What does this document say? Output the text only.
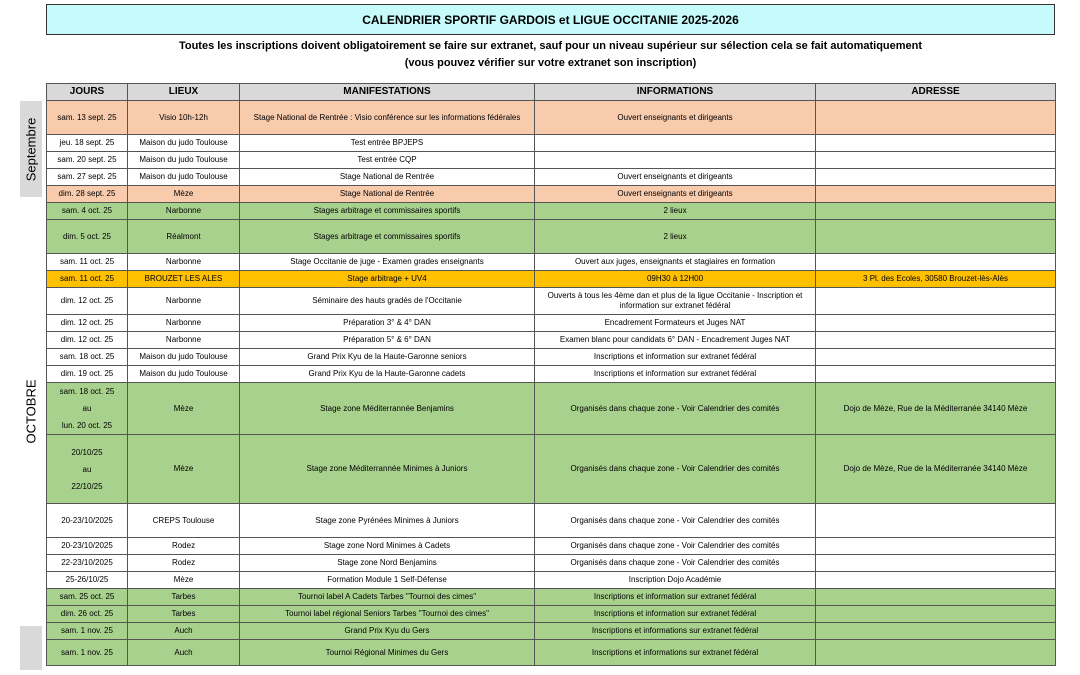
CALENDRIER SPORTIF GARDOIS et LIGUE OCCITANIE 2025-2026
Toutes les inscriptions doivent obligatoirement se faire sur extranet, sauf pour un niveau supérieur sur sélection cela se fait automatiquement
(vous pouvez vérifier sur votre extranet son inscription)
Septembre
OCTOBRE
JOURS	LIEUX	MANIFESTATIONS	INFORMATIONS	ADRESSE
sam. 13 sept. 25	Visio 10h-12h	Stage National de Rentrée : Visio conférence sur les informations fédérales	Ouvert enseignants et dirigeants	
jeu. 18 sept. 25	Maison du judo Toulouse	Test entrée BPJEPS		
sam. 20 sept. 25	Maison du judo Toulouse	Test entrée CQP		
sam. 27 sept. 25	Maison du judo Toulouse	Stage National de Rentrée	Ouvert enseignants et dirigeants	
dim. 28 sept. 25	Mèze	Stage National de Rentrée	Ouvert enseignants et dirigeants	
sam. 4 oct. 25	Narbonne	Stages arbitrage et commissaires sportifs	2 lieux	
dim. 5 oct. 25	Réalmont	Stages arbitrage et commissaires sportifs	2 lieux	
sam. 11 oct. 25	Narbonne	Stage Occitanie de juge - Examen grades enseignants	Ouvert aux juges, enseignants et stagiaires en formation	
sam. 11 oct. 25	BROUZET LES ALES	Stage arbitrage + UV4	09H30 à 12H00	3 Pl. des Ecoles, 30580 Brouzet-lès-Alès
dim. 12 oct. 25	Narbonne	Séminaire des hauts gradés de l'Occitanie	Ouverts à tous les 4ème dan et plus de la ligue Occitanie - Inscription et information sur extranet fédéral	
dim. 12 oct. 25	Narbonne	Préparation 3° & 4° DAN	Encadrement Formateurs et Juges NAT	
dim. 12 oct. 25	Narbonne	Préparation 5° & 6° DAN	Examen blanc pour candidats 6° DAN - Encadrement Juges NAT	
sam. 18 oct. 25	Maison du judo Toulouse	Grand Prix Kyu de la Haute-Garonne seniors	Inscriptions et information sur extranet fédéral	
dim. 19 oct. 25	Maison du judo Toulouse	Grand Prix Kyu de la Haute-Garonne cadets	Inscriptions et information sur extranet fédéral	

sam. 18 oct. 25
au
lun. 20 oct. 25	Mèze	Stage zone Méditerrannée Benjamins	Organisés dans chaque zone - Voir Calendrier des comités	Dojo de Mèze, Rue de la Méditerranée 34140 Mèze

20/10/25
au
22/10/25	Mèze	Stage zone Méditerrannée Minimes à Juniors	Organisés dans chaque zone - Voir Calendrier des comités	Dojo de Mèze, Rue de la Méditerranée 34140 Mèze
20-23/10/2025	CREPS Toulouse	Stage zone Pyrénées Minimes à Juniors	Organisés dans chaque zone - Voir Calendrier des comités	
20-23/10/2025	Rodez	Stage zone Nord Minimes à Cadets	Organisés dans chaque zone - Voir Calendrier des comités	
22-23/10/2025	Rodez	Stage zone Nord Benjamins	Organisés dans chaque zone - Voir Calendrier des comités	
25-26/10/25	Mèze	Formation Module 1 Self-Défense	Inscription Dojo Académie	
sam. 25 oct. 25	Tarbes	Tournoi label A Cadets Tarbes "Tournoi des cimes"	Inscriptions et information sur extranet fédéral	
dim. 26 oct. 25	Tarbes	Tournoi label régional Seniors Tarbes "Tournoi des cimes"	Inscriptions et information sur extranet fédéral	
sam. 1 nov. 25	Auch	Grand Prix Kyu du Gers	Inscriptions et informations sur extranet fédéral	
sam. 1 nov. 25	Auch	Tournoi Régional Minimes du Gers	Inscriptions et informations sur extranet fédéral	
